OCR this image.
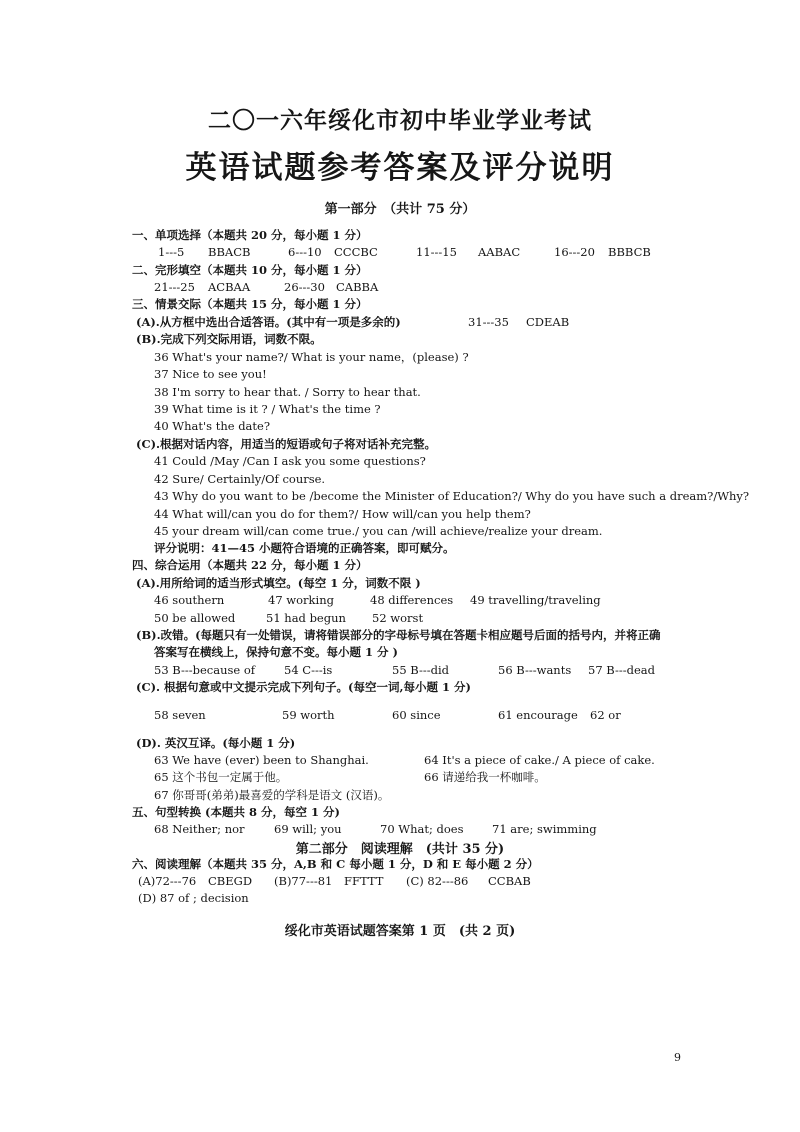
二〇一六年绥化市初中毕业学业考试
英语试题参考答案及评分说明
第一部分　（共计 75 分）
一、单项选择（本题共 20 分，每小题 1 分）
1---5 BBACB	6---10 CCCBC	11---15 AABAC	16---20 BBBCB
二、完形填空（本题共 10 分，每小题 1 分）
21---25 ACBAA	26---30 CABBA
三、情景交际（本题共 15 分，每小题 1 分）
(A).从方框中选出合适答语。(其中有一项是多余的)	31---35 CDEAB
(B).完成下列交际用语，词数不限。
36 What's your name?/ What is your name，(please) ?
37 Nice to see you!
38 I'm sorry to hear that. / Sorry to hear that.
39 What time is it ? / What's the time ?
40 What's the date?
(C).根据对话内容，用适当的短语或句子将对话补充完整。
41 Could /May /Can I ask you some questions?
42 Sure/ Certainly/Of course.
43 Why do you want to be /become the Minister of Education?/ Why do you have such a dream?/Why?
44 What will/can you do for them?/ How will/can you help them?
45 your dream will/can come true./ you can /will achieve/realize your dream.
评分说明：41—45 小题符合语境的正确答案，即可赋分。
四、综合运用（本题共 22 分，每小题 1 分）
(A).用所给词的适当形式填空。(每空 1 分，词数不限 )
46 southern	47 working	48 differences 49 travelling/traveling
50 be allowed	51 had begun 52 worst
(B).改错。(每题只有一处错误，请将错误部分的字母标号填在答题卡相应题号后面的括号内，并将正确
答案写在横线上，保持句意不变。每小题 1 分 )
53 B---because of	54 C---is	55 B---did	56 B---wants 57 B---dead
(C). 根据句意或中文提示完成下列句子。(每空一词,每小题 1 分)
58 seven	59 worth	60 since	61 encourage 62 or
(D). 英汉互译。(每小题 1 分)
63 We have (ever) been to Shanghai.	64 It's a piece of cake./ A piece of cake.
65 这个书包一定属于他。	66 请递给我一杯咖啡。
67 你哥哥(弟弟)最喜爱的学科是语文 (汉语)。
五、句型转换 (本题共 8 分，每空 1 分)
68 Neither; nor	69 will; you	70 What; does 71 are; swimming
第二部分　阅读理解　(共计 35 分)
六、阅读理解（本题共 35 分，A,B 和 C 每小题 1 分，D 和 E 每小题 2 分）
(A)72---76 CBEGD (B)77---81 FFTTT (C) 82---86 CCBAB
(D) 87 of ; decision
绥化市英语试题答案第 1 页　(共 2 页)
9
